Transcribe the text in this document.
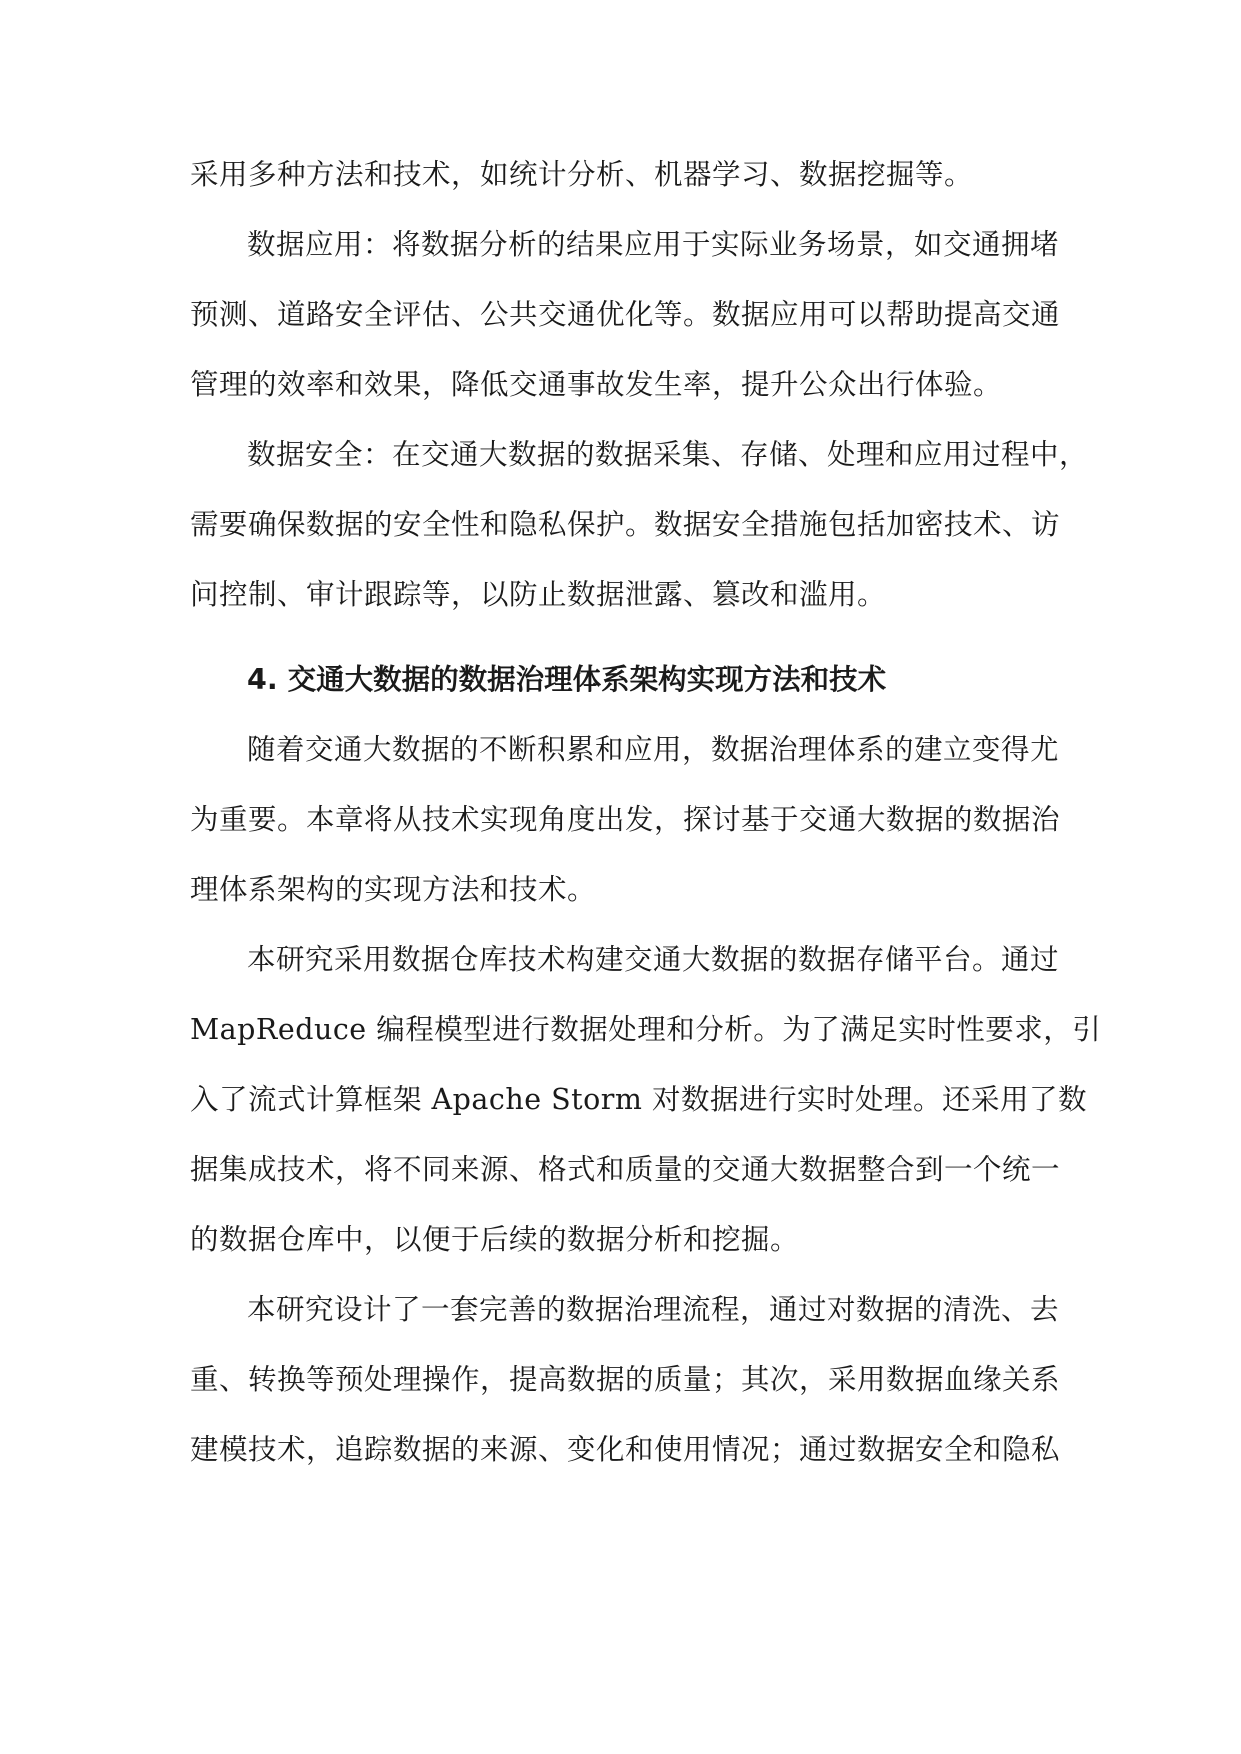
采用多种方法和技术，如统计分析、机器学习、数据挖掘等。
数据应用：将数据分析的结果应用于实际业务场景，如交通拥堵
预测、道路安全评估、公共交通优化等。数据应用可以帮助提高交通
管理的效率和效果，降低交通事故发生率，提升公众出行体验。
数据安全：在交通大数据的数据采集、存储、处理和应用过程中，
需要确保数据的安全性和隐私保护。数据安全措施包括加密技术、访
问控制、审计跟踪等，以防止数据泄露、篡改和滥用。
4. 交通大数据的数据治理体系架构实现方法和技术
随着交通大数据的不断积累和应用，数据治理体系的建立变得尤
为重要。本章将从技术实现角度出发，探讨基于交通大数据的数据治
理体系架构的实现方法和技术。
本研究采用数据仓库技术构建交通大数据的数据存储平台。通过
MapReduce 编程模型进行数据处理和分析。为了满足实时性要求，引
入了流式计算框架 Apache Storm 对数据进行实时处理。还采用了数
据集成技术，将不同来源、格式和质量的交通大数据整合到一个统一
的数据仓库中，以便于后续的数据分析和挖掘。
本研究设计了一套完善的数据治理流程，通过对数据的清洗、去
重、转换等预处理操作，提高数据的质量；其次，采用数据血缘关系
建模技术，追踪数据的来源、变化和使用情况；通过数据安全和隐私
